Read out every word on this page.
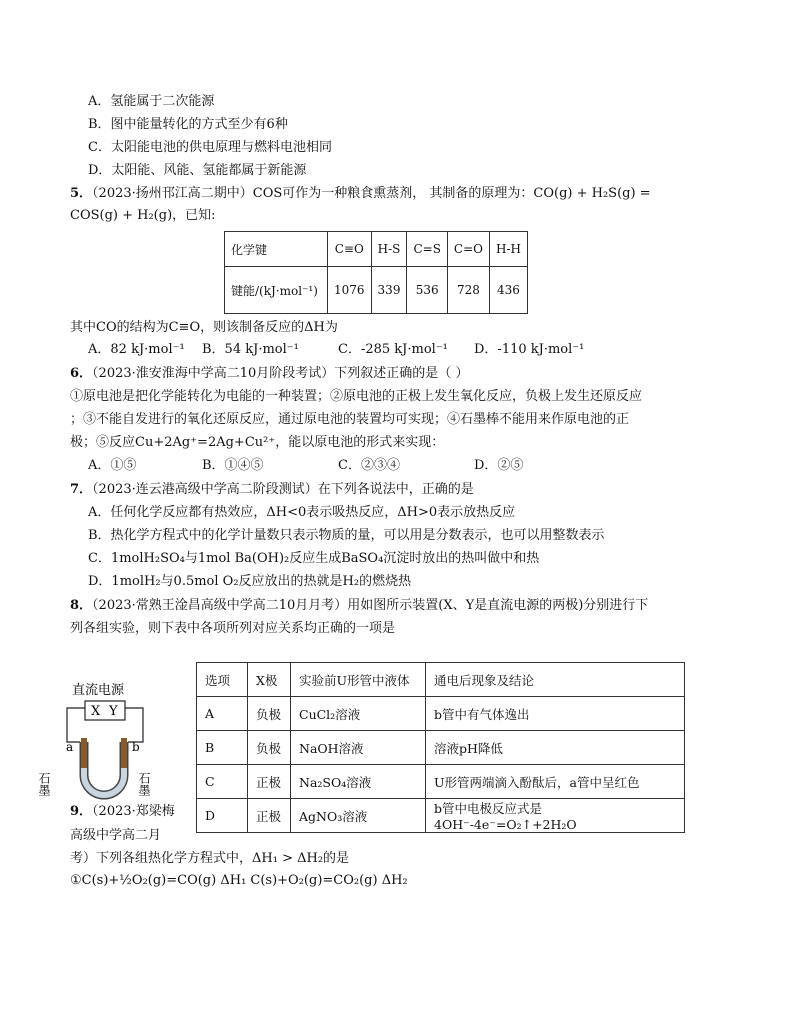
A．氢能属于二次能源
B．图中能量转化的方式至少有6种
C．太阳能电池的供电原理与燃料电池相同
D．太阳能、风能、氢能都属于新能源
5．（2023·扬州邗江高二期中）COS可作为一种粮食熏蒸剂， 其制备的原理为：CO(g) + H₂S(g) =
COS(g) + H₂(g)，已知:
化学键	C≡O	H-S	C=S	C=O	H-H
键能/(kJ·mol⁻¹)	1076	339	536	728	436
其中CO的结构为C≡O，则该制备反应的ΔH为
A．82 kJ·mol⁻¹ B．54 kJ·mol⁻¹	C．-285 kJ·mol⁻¹ D．-110 kJ·mol⁻¹
6．（2023·淮安淮海中学高二10月阶段考试）下列叙述正确的是（ ）
①原电池是把化学能转化为电能的一种装置；②原电池的正极上发生氧化反应，负极上发生还原反应
；③不能自发进行的氧化还原反应，通过原电池的装置均可实现；④石墨棒不能用来作原电池的正
极；⑤反应Cu+2Ag⁺=2Ag+Cu²⁺，能以原电池的形式来实现：
A．①⑤	B．①④⑤	C．②③④	D．②⑤
7．（2023·连云港高级中学高二阶段测试）在下列各说法中，正确的是
A．任何化学反应都有热效应，ΔH<0表示吸热反应，ΔH>0表示放热反应
B．热化学方程式中的化学计量数只表示物质的量，可以用是分数表示，也可以用整数表示
C．1molH₂SO₄与1mol Ba(OH)₂反应生成BaSO₄沉淀时放出的热叫做中和热
D．1molH₂与0.5mol O₂反应放出的热就是H₂的燃烧热
8．（2023·常熟王淦昌高级中学高二10月月考）用如图所示装置(X、Y是直流电源的两极)分别进行下
列各组实验，则下表中各项所列对应关系均正确的一项是
直流电源
X Y
a	b
石墨	石墨
选项	X极	实验前U形管中液体	通电后现象及结论
A	负极	CuCl₂溶液	b管中有气体逸出
B	负极	NaOH溶液	溶液pH降低
C	正极	Na₂SO₄溶液	U形管两端滴入酚酞后，a管中呈红色
D	正极	AgNO₃溶液	b管中电极反应式是4OH⁻-4e⁻=O₂↑+2H₂O
9．（2023·郑梁梅
高级中学高二月
考）下列各组热化学方程式中，ΔH₁ > ΔH₂的是
①C(s)+½O₂(g)=CO(g) ΔH₁ C(s)+O₂(g)=CO₂(g) ΔH₂
